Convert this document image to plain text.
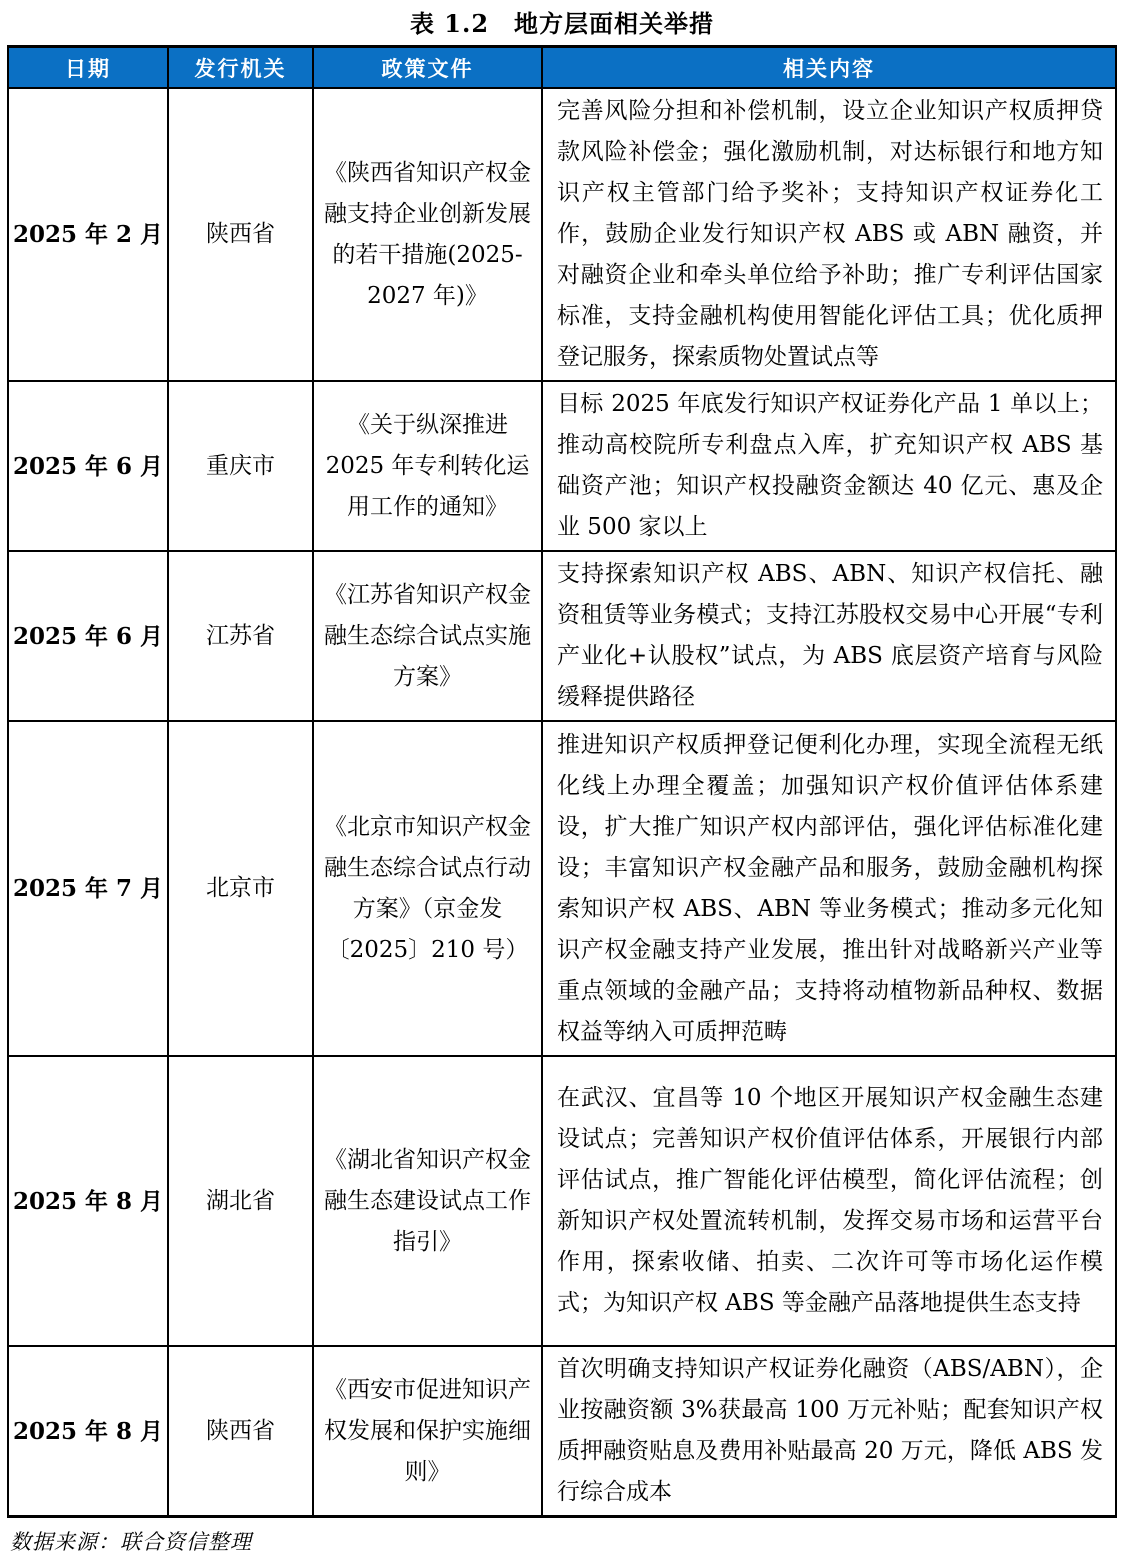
表 1.2　地方层面相关举措
日期	发行机关	政策文件	相关内容
2025 年 2 月	陕西省	《陕西省知识产权金融支持企业创新发展的若干措施(2025-2027 年)》	完善风险分担和补偿机制，设立企业知识产权质押贷款风险补偿金；强化激励机制，对达标银行和地方知识产权主管部门给予奖补；支持知识产权证券化工作，鼓励企业发行知识产权 ABS 或 ABN 融资，并对融资企业和牵头单位给予补助；推广专利评估国家标准，支持金融机构使用智能化评估工具；优化质押登记服务，探索质物处置试点等
2025 年 6 月	重庆市	《关于纵深推进 2025 年专利转化运用工作的通知》	目标 2025 年底发行知识产权证券化产品 1 单以上；推动高校院所专利盘点入库，扩充知识产权 ABS 基础资产池；知识产权投融资金额达 40 亿元、惠及企业 500 家以上
2025 年 6 月	江苏省	《江苏省知识产权金融生态综合试点实施方案》	支持探索知识产权 ABS、ABN、知识产权信托、融资租赁等业务模式；支持江苏股权交易中心开展“专利产业化+认股权”试点，为 ABS 底层资产培育与风险缓释提供路径
2025 年 7 月	北京市	《北京市知识产权金融生态综合试点行动方案》（京金发〔2025〕210 号）	推进知识产权质押登记便利化办理，实现全流程无纸化线上办理全覆盖；加强知识产权价值评估体系建设，扩大推广知识产权内部评估，强化评估标准化建设；丰富知识产权金融产品和服务，鼓励金融机构探索知识产权 ABS、ABN 等业务模式；推动多元化知识产权金融支持产业发展，推出针对战略新兴产业等重点领域的金融产品；支持将动植物新品种权、数据权益等纳入可质押范畴
2025 年 8 月	湖北省	《湖北省知识产权金融生态建设试点工作指引》	在武汉、宜昌等 10 个地区开展知识产权金融生态建设试点；完善知识产权价值评估体系，开展银行内部评估试点，推广智能化评估模型，简化评估流程；创新知识产权处置流转机制，发挥交易市场和运营平台作用，探索收储、拍卖、二次许可等市场化运作模式；为知识产权 ABS 等金融产品落地提供生态支持
2025 年 8 月	陕西省	《西安市促进知识产权发展和保护实施细则》	首次明确支持知识产权证券化融资（ABS/ABN），企业按融资额 3%获最高 100 万元补贴；配套知识产权质押融资贴息及费用补贴最高 20 万元，降低 ABS 发行综合成本
数据来源：联合资信整理
